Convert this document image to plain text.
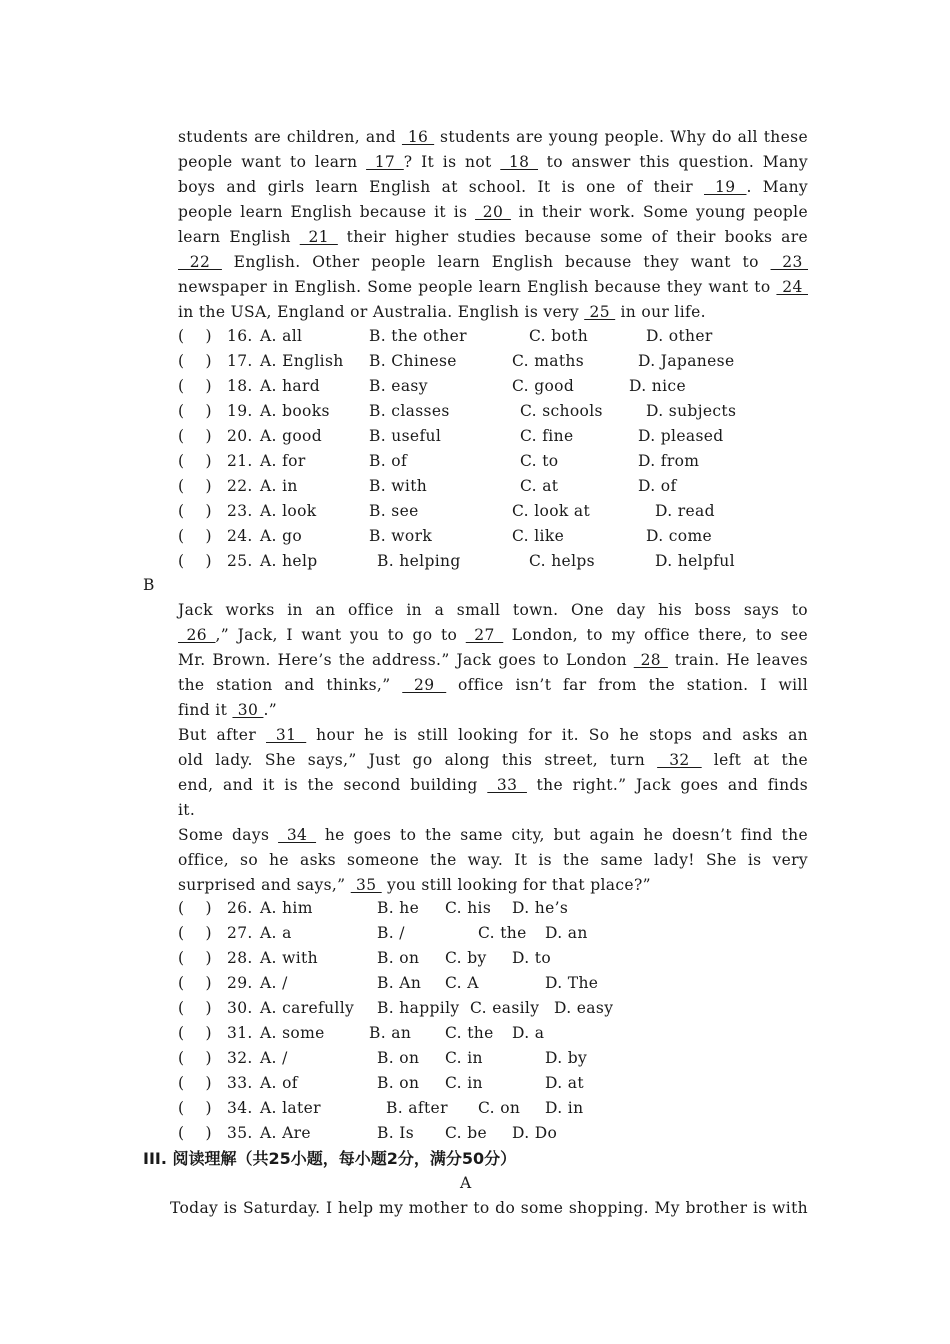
students are children, and  16  students are young people. Why do all these
people want to learn  17 ? It is not  18  to answer this question. Many
boys and girls learn English at school. It is one of their  19 . Many
people learn English because it is  20  in their work. Some young people
learn English  21  their higher studies because some of their books are
22  English. Other people learn English because they want to  23
newspaper in English. Some people learn English because they want to  24
in the USA, England or Australia. English is very  25  in our life.
(    ) 16. A. all	B. the other	C. both	D. other
(    ) 17. A. English B. Chinese	C. maths	D. Japanese
(    ) 18. A. hard	B. easy	C. good	D. nice
(    ) 19. A. books	B. classes	C. schools	D. subjects
(    ) 20. A. good	B. useful	C. fine	D. pleased
(    ) 21. A. for	B. of	C. to	D. from
(    ) 22. A. in	B. with	C. at	D. of
(    ) 23. A. look	B. see	C. look at	D. read
(    ) 24. A. go	B. work	C. like	D. come
(    ) 25. A. help	B. helping	C. helps	D. helpful
B
Jack works in an office in a small town. One day his boss says to
26 ,” Jack, I want you to go to  27  London, to my office there, to see
Mr. Brown. Here’s the address.” Jack goes to London  28  train. He leaves
the station and thinks,”  29  office isn’t far from the station. I will
find it  30 .”
But after  31  hour he is still looking for it. So he stops and asks an
old lady. She says,” Just go along this street, turn  32  left at the
end, and it is the second building  33  the right.” Jack goes and finds
it.
Some days  34  he goes to the same city, but again he doesn’t find the
office, so he asks someone the way. It is the same lady! She is very
surprised and says,”  35  you still looking for that place?”
(    ) 26. A. him	B. he C. his D. he’s
(    ) 27. A. a	B. /	C. the D. an
(    ) 28. A. with	B. on C. by D. to
(    ) 29. A. /	B. An C. A	D. The
(    ) 30. A. carefully B. happily C. easily D. easy
(    ) 31. A. some	B. an C. the D. a
(    ) 32. A. /	B. on C. in	D. by
(    ) 33. A. of	B. on C. in	D. at
(    ) 34. A. later	B. after C. on D. in
(    ) 35. A. Are	B. Is C. be D. Do
III. 阅读理解（共25小题，每小题2分，满分50分）
A
Today is Saturday. I help my mother to do some shopping. My brother is with
